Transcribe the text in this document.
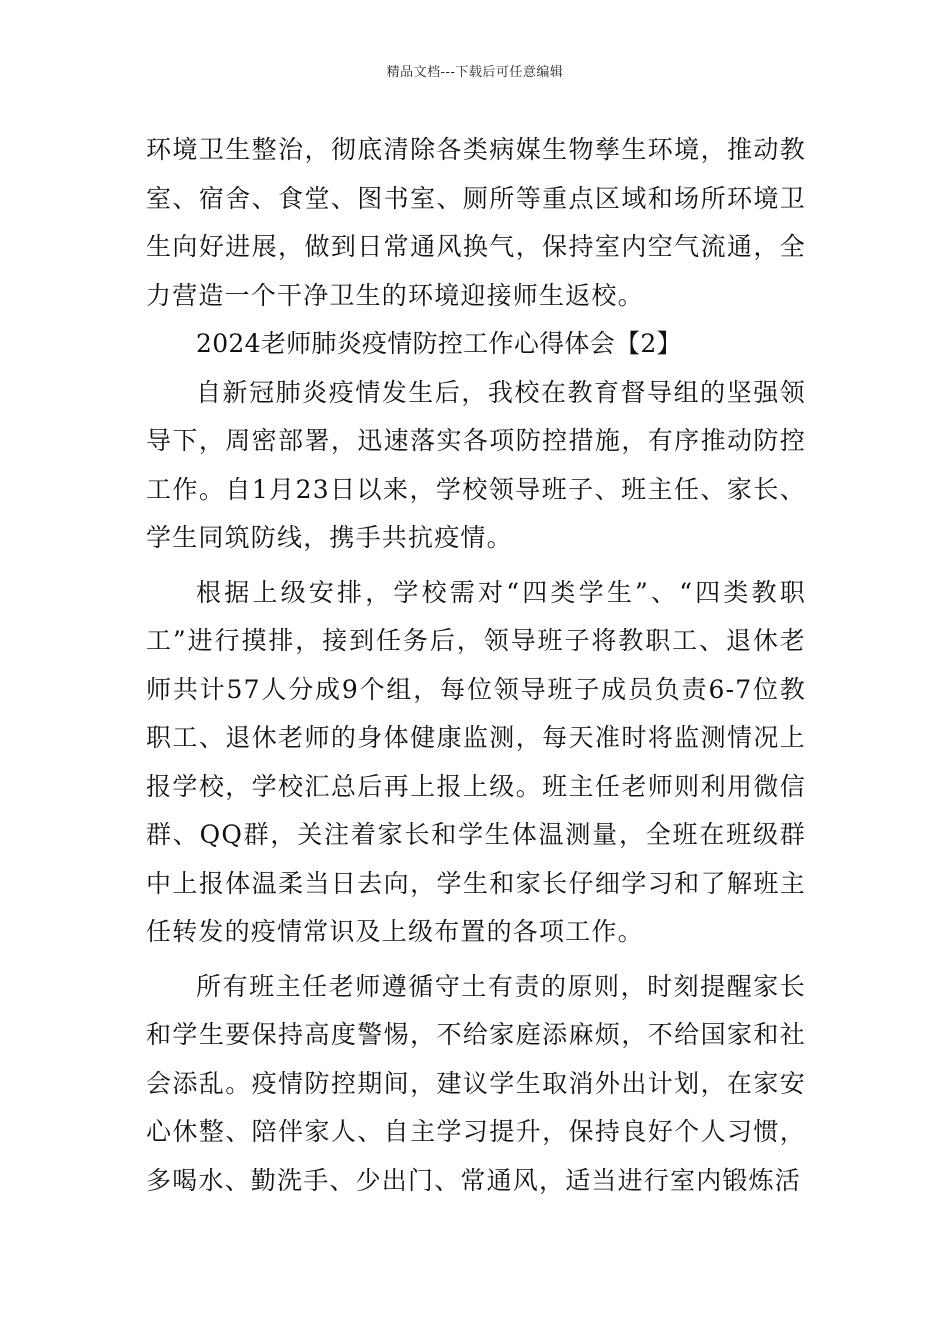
精品文档---下载后可任意编辑

环境卫生整治，彻底清除各类病媒生物孳生环境，推动教室、宿舍、食堂、图书室、厕所等重点区域和场所环境卫生向好进展，做到日常通风换气，保持室内空气流通，全力营造一个干净卫生的环境迎接师生返校。

2024老师肺炎疫情防控工作心得体会【2】

自新冠肺炎疫情发生后，我校在教育督导组的坚强领导下，周密部署，迅速落实各项防控措施，有序推动防控工作。自1月23日以来，学校领导班子、班主任、家长、学生同筑防线，携手共抗疫情。

根据上级安排，学校需对“四类学生”、“四类教职工”进行摸排，接到任务后，领导班子将教职工、退休老师共计57人分成9个组，每位领导班子成员负责6-7位教职工、退休老师的身体健康监测，每天准时将监测情况上报学校，学校汇总后再上报上级。班主任老师则利用微信群、QQ群，关注着家长和学生体温测量，全班在班级群中上报体温柔当日去向，学生和家长仔细学习和了解班主任转发的疫情常识及上级布置的各项工作。

所有班主任老师遵循守土有责的原则，时刻提醒家长和学生要保持高度警惕，不给家庭添麻烦，不给国家和社会添乱。疫情防控期间，建议学生取消外出计划，在家安心休整、陪伴家人、自主学习提升，保持良好个人习惯，多喝水、勤洗手、少出门、常通风，适当进行室内锻炼活
